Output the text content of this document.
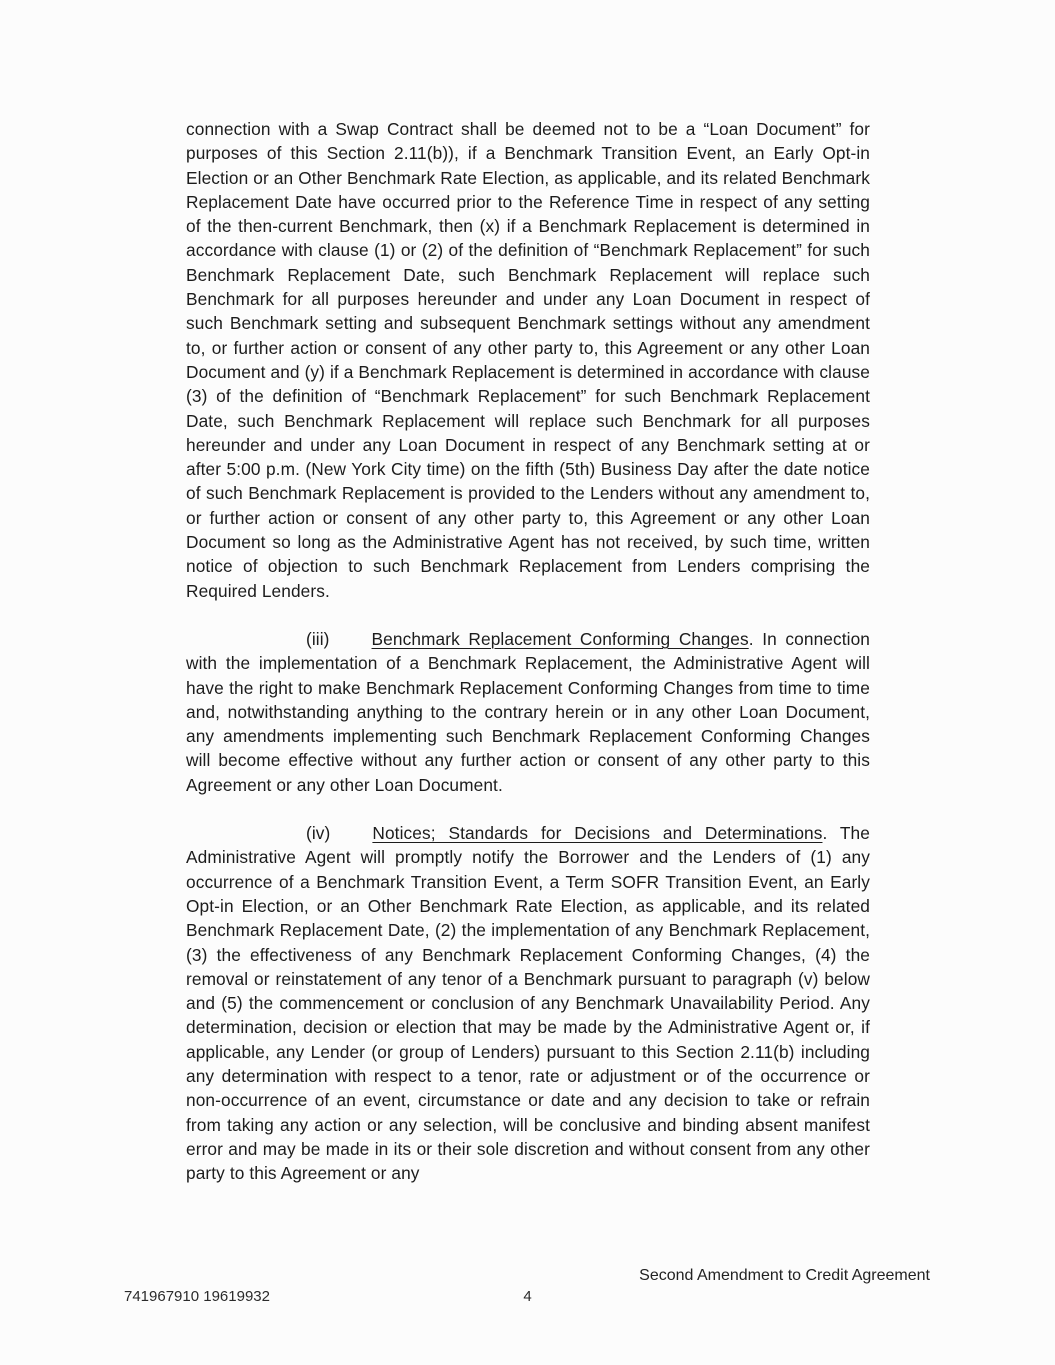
connection with a Swap Contract shall be deemed not to be a “Loan Document” for purposes of this Section 2.11(b)), if a Benchmark Transition Event, an Early Opt-in Election or an Other Benchmark Rate Election, as applicable, and its related Benchmark Replacement Date have occurred prior to the Reference Time in respect of any setting of the then-current Benchmark, then (x) if a Benchmark Replacement is determined in accordance with clause (1) or (2) of the definition of “Benchmark Replacement” for such Benchmark Replacement Date, such Benchmark Replacement will replace such Benchmark for all purposes hereunder and under any Loan Document in respect of such Benchmark setting and subsequent Benchmark settings without any amendment to, or further action or consent of any other party to, this Agreement or any other Loan Document and (y) if a Benchmark Replacement is determined in accordance with clause (3) of the definition of “Benchmark Replacement” for such Benchmark Replacement Date, such Benchmark Replacement will replace such Benchmark for all purposes hereunder and under any Loan Document in respect of any Benchmark setting at or after 5:00 p.m. (New York City time) on the fifth (5th) Business Day after the date notice of such Benchmark Replacement is provided to the Lenders without any amendment to, or further action or consent of any other party to, this Agreement or any other Loan Document so long as the Administrative Agent has not received, by such time, written notice of objection to such Benchmark Replacement from Lenders comprising the Required Lenders.

(iii) Benchmark Replacement Conforming Changes. In connection with the implementation of a Benchmark Replacement, the Administrative Agent will have the right to make Benchmark Replacement Conforming Changes from time to time and, notwithstanding anything to the contrary herein or in any other Loan Document, any amendments implementing such Benchmark Replacement Conforming Changes will become effective without any further action or consent of any other party to this Agreement or any other Loan Document.

(iv) Notices; Standards for Decisions and Determinations. The Administrative Agent will promptly notify the Borrower and the Lenders of (1) any occurrence of a Benchmark Transition Event, a Term SOFR Transition Event, an Early Opt-in Election, or an Other Benchmark Rate Election, as applicable, and its related Benchmark Replacement Date, (2) the implementation of any Benchmark Replacement, (3) the effectiveness of any Benchmark Replacement Conforming Changes, (4) the removal or reinstatement of any tenor of a Benchmark pursuant to paragraph (v) below and (5) the commencement or conclusion of any Benchmark Unavailability Period. Any determination, decision or election that may be made by the Administrative Agent or, if applicable, any Lender (or group of Lenders) pursuant to this Section 2.11(b) including any determination with respect to a tenor, rate or adjustment or of the occurrence or non-occurrence of an event, circumstance or date and any decision to take or refrain from taking any action or any selection, will be conclusive and binding absent manifest error and may be made in its or their sole discretion and without consent from any other party to this Agreement or any

Second Amendment to Credit Agreement
741967910 19619932	4
